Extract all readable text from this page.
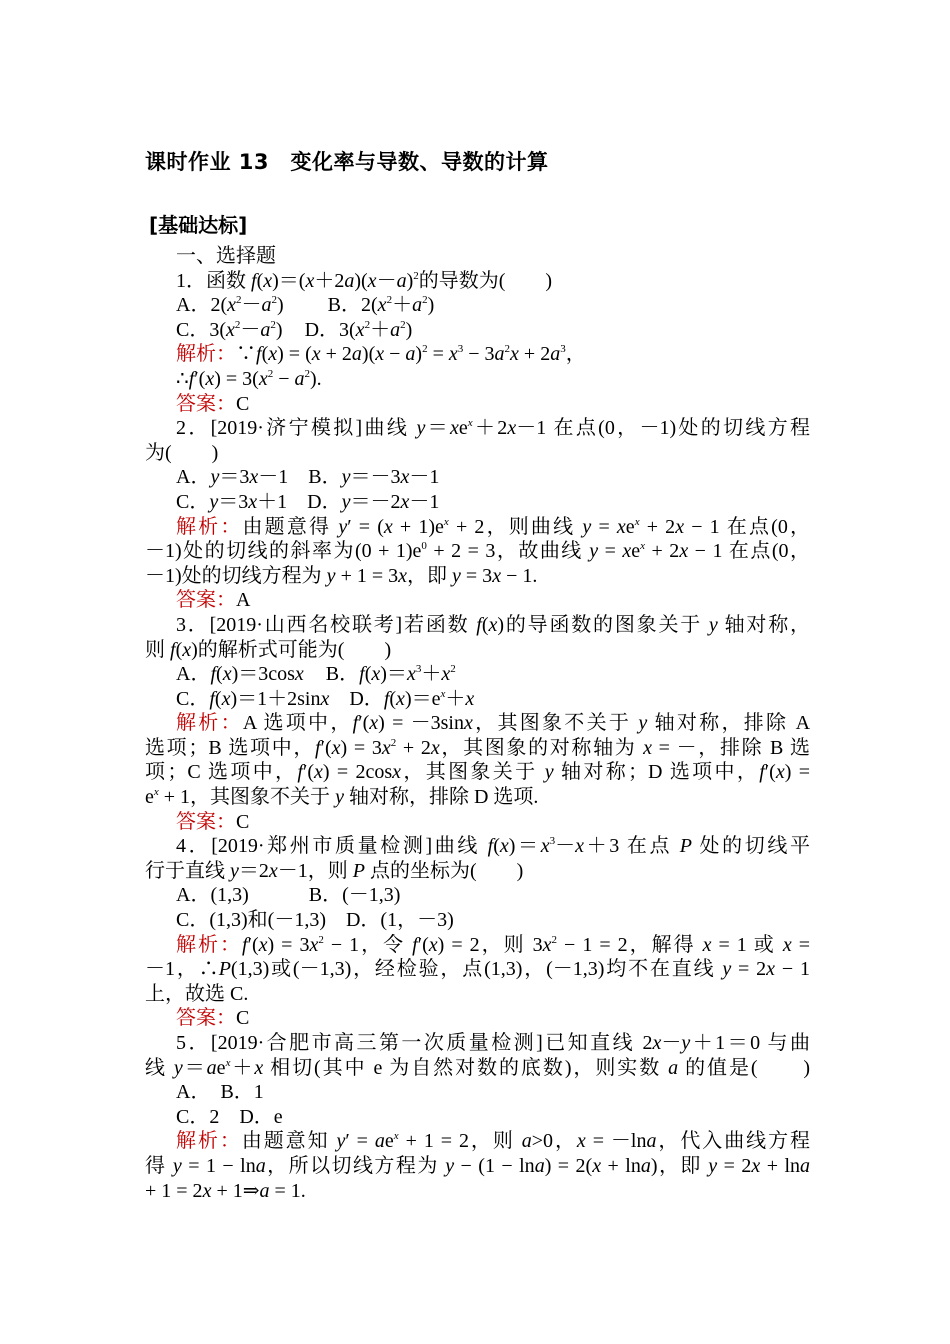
课时作业 13　变化率与导数、导数的计算
[基础达标]
一、选择题
1．函数 $f(x)=(x+2a)(x-a)^2$的导数为(　　)
A．$2(x^2-a^2)$ B．$2(x^2+a^2)$
C．$3(x^2-a^2)$ D．$3(x^2+a^2)$
解析：∵f(x) = $(x + 2a)(x - a)^2 = x^3 - 3a^2x + 2a^3$，
∴f′(x) = $3(x^2 - a^2)$.
答案：C
2．[2019·济宁模拟]曲线 $y=xe^x+2x-1$ 在点(0，－1)处的切线方程
为(　　)
A．y＝3x－1　B．y＝－3x－1
C．y＝3x＋1　D．y＝－2x－1
解析：由题意得 $y' = (x + 1)e^x + 2$，则曲线 $y = xe^x + 2x - 1$ 在点(0，
－1)处的切线的斜率为$(0 + 1)e^0 + 2 = 3$，故曲线 $y = xe^x + 2x - 1$ 在点(0，
－1)处的切线方程为 y + 1 = 3x，即 y = 3x − 1.
答案：A
3．[2019·山西名校联考]若函数 f(x)的导函数的图象关于 y 轴对称，
则 f(x)的解析式可能为(　　)
A．f(x)＝3cosx B．$f(x)=x^3+x^2$
C．f(x)＝1＋2sinx　D．$f(x)=e^x+x$
解析：A 选项中，f′(x) = －3sinx，其图象不关于 y 轴对称，排除 A
选项；B 选项中，$f'(x) = 3x^2 + 2x$，其图象的对称轴为 x = －，排除 B 选
项；C 选项中，f′(x) = 2cosx，其图象关于 y 轴对称；D 选项中，f′(x) =
$e^x + 1$，其图象不关于 y 轴对称，排除 D 选项.
答案：C
4．[2019·郑州市质量检测]曲线 $f(x)=x^3-x+3$ 在点 P 处的切线平
行于直线 y＝2x－1，则 P 点的坐标为(　　)
A．(1,3)	B．(－1,3)
C．(1,3)和(－1,3)　D．(1，－3)
解析：$f'(x) = 3x^2 - 1$，令 f′(x) = 2，则 $3x^2 - 1 = 2$，解得 x = 1 或 x =
－1，∴P(1,3)或(－1,3)，经检验，点(1,3)，(－1,3)均不在直线 y = 2x − 1
上，故选 C.
答案：C
5．[2019·合肥市高三第一次质量检测]已知直线 2x－y＋1＝0 与曲
线 $y=ae^x+x$ 相切(其中 e 为自然对数的底数)，则实数 a 的值是(　　)
A．　B．1
C．2　D．e
解析：由题意知 $y' = ae^x + 1 = 2$，则 a>0，x = －lna，代入曲线方程
得 y = 1 − lna，所以切线方程为 y − (1 − lna) = 2(x + lna)，即 y = 2x + lna
+ 1 = 2x + 1⇒a = 1.
